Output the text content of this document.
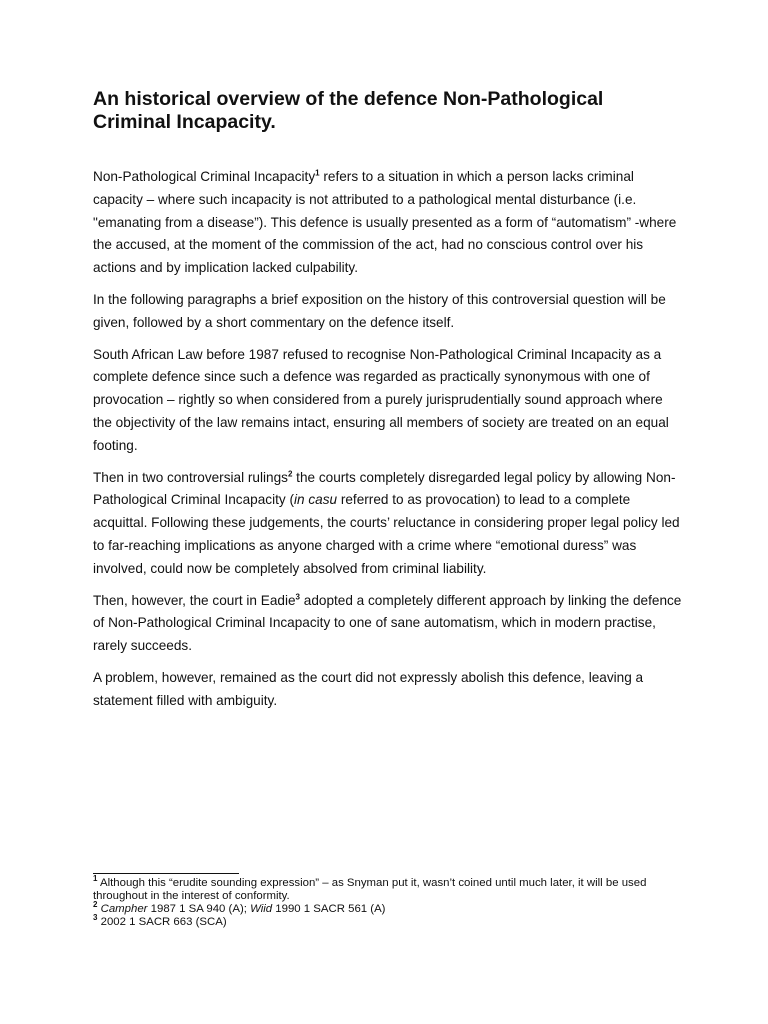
An historical overview of the defence Non-Pathological Criminal Incapacity.

Non-Pathological Criminal Incapacity$^1$ refers to a situation in which a person lacks criminal capacity – where such incapacity is not attributed to a pathological mental disturbance (i.e. "emanating from a disease”). This defence is usually presented as a form of “automatism” -where the accused, at the moment of the commission of the act, had no conscious control over his actions and by implication lacked culpability.

In the following paragraphs a brief exposition on the history of this controversial question will be given, followed by a short commentary on the defence itself.

South African Law before 1987 refused to recognise Non-Pathological Criminal Incapacity as a complete defence since such a defence was regarded as practically synonymous with one of provocation – rightly so when considered from a purely jurisprudentially sound approach where the objectivity of the law remains intact, ensuring all members of society are treated on an equal footing.

Then in two controversial rulings$^2$ the courts completely disregarded legal policy by allowing Non-Pathological Criminal Incapacity (in casu referred to as provocation) to lead to a complete acquittal. Following these judgements, the courts’ reluctance in considering proper legal policy led to far-reaching implications as anyone charged with a crime where “emotional duress” was involved, could now be completely absolved from criminal liability.

Then, however, the court in Eadie$^3$ adopted a completely different approach by linking the defence of Non-Pathological Criminal Incapacity to one of sane automatism, which in modern practise, rarely succeeds.

A problem, however, remained as the court did not expressly abolish this defence, leaving a statement filled with ambiguity.

$^1$ Although this “erudite sounding expression” – as Snyman put it, wasn’t coined until much later, it will be used throughout in the interest of conformity.

$^2$ Campher 1987 1 SA 940 (A); Wiid 1990 1 SACR 561 (A)

$^3$ 2002 1 SACR 663 (SCA)
